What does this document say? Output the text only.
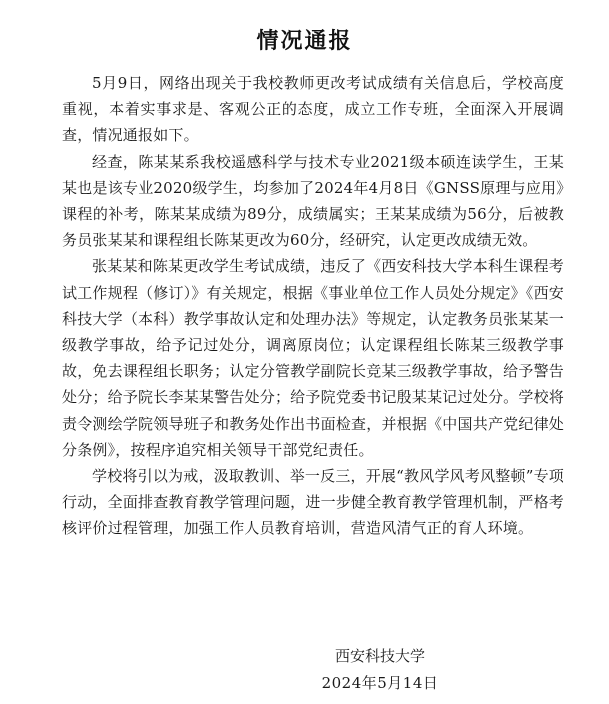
情况通报

5月9日，网络出现关于我校教师更改考试成绩有关信息后，学校高度重视，本着实事求是、客观公正的态度，成立工作专班，全面深入开展调查，情况通报如下。

经查，陈某某系我校遥感科学与技术专业2021级本硕连读学生，王某某也是该专业2020级学生，均参加了2024年4月8日《GNSS原理与应用》课程的补考，陈某某成绩为89分，成绩属实；王某某成绩为56分，后被教务员张某某和课程组长陈某更改为60分，经研究，认定更改成绩无效。

张某某和陈某更改学生考试成绩，违反了《西安科技大学本科生课程考试工作规程（修订）》有关规定，根据《事业单位工作人员处分规定》《西安科技大学（本科）教学事故认定和处理办法》等规定，认定教务员张某某一级教学事故，给予记过处分，调离原岗位；认定课程组长陈某三级教学事故，免去课程组长职务；认定分管教学副院长竞某三级教学事故，给予警告处分；给予院长李某某警告处分；给予院党委书记殷某某记过处分。学校将责令测绘学院领导班子和教务处作出书面检查，并根据《中国共产党纪律处分条例》，按程序追究相关领导干部党纪责任。

学校将引以为戒，汲取教训、举一反三，开展“教风学风考风整顿”专项行动，全面排查教育教学管理问题，进一步健全教育教学管理机制，严格考核评价过程管理，加强工作人员教育培训，营造风清气正的育人环境。

西安科技大学
2024年5月14日
